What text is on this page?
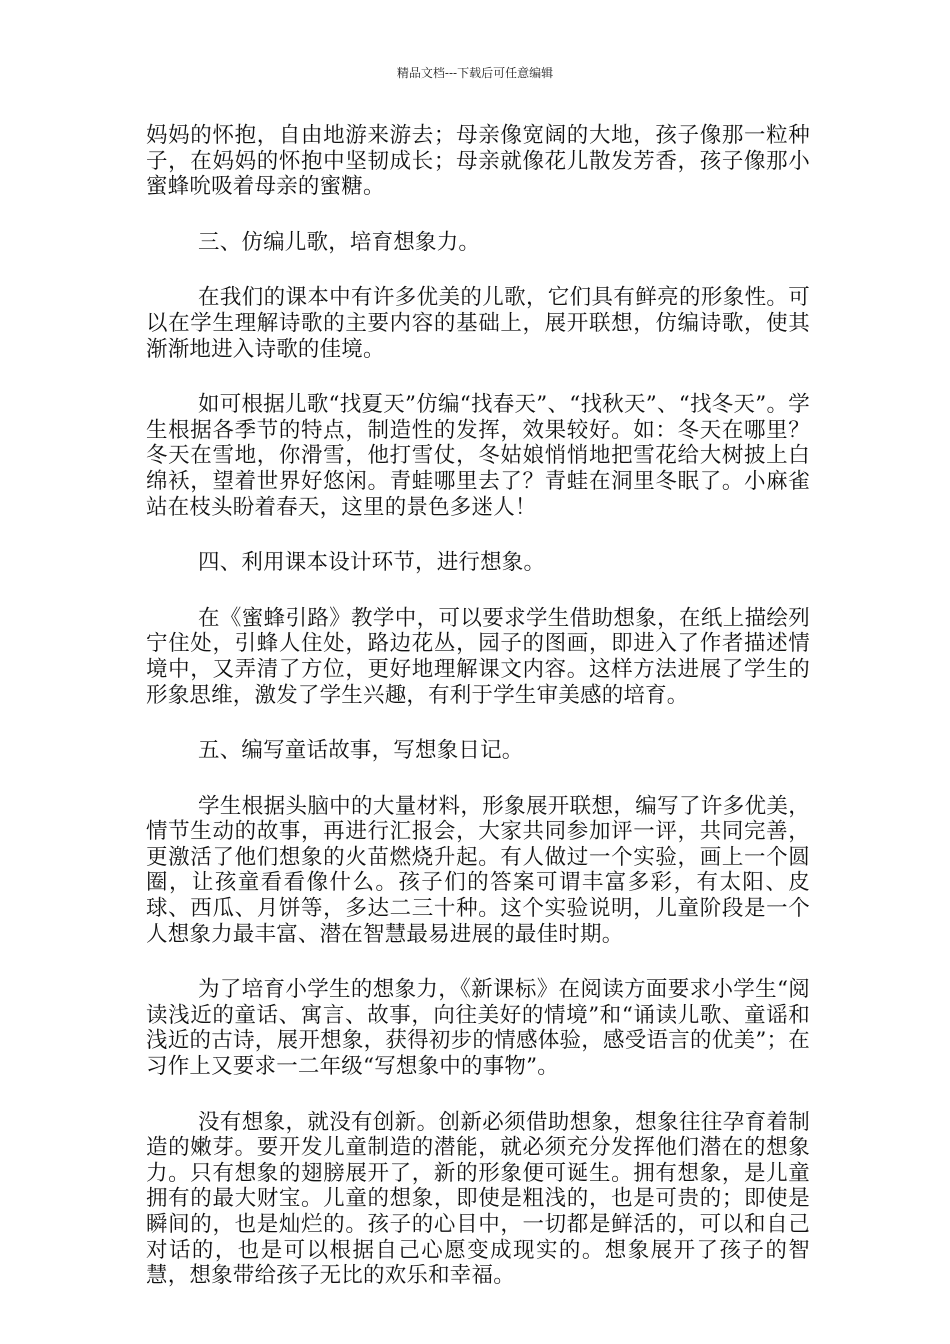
精品文档---下载后可任意编辑

妈妈的怀抱，自由地游来游去；母亲像宽阔的大地，孩子像那一粒种子，在妈妈的怀抱中坚韧成长；母亲就像花儿散发芳香，孩子像那小蜜蜂吮吸着母亲的蜜糖。

三、仿编儿歌，培育想象力。

在我们的课本中有许多优美的儿歌，它们具有鲜亮的形象性。可以在学生理解诗歌的主要内容的基础上，展开联想，仿编诗歌，使其渐渐地进入诗歌的佳境。

如可根据儿歌“找夏天”仿编“找春天”、“找秋天”、“找冬天”。学生根据各季节的特点，制造性的发挥，效果较好。如：冬天在哪里？冬天在雪地，你滑雪，他打雪仗，冬姑娘悄悄地把雪花给大树披上白绵袄，望着世界好悠闲。青蛙哪里去了？青蛙在洞里冬眠了。小麻雀站在枝头盼着春天，这里的景色多迷人！

四、利用课本设计环节，进行想象。

在《蜜蜂引路》教学中，可以要求学生借助想象，在纸上描绘列宁住处，引蜂人住处，路边花丛，园子的图画，即进入了作者描述情境中，又弄清了方位，更好地理解课文内容。这样方法进展了学生的形象思维，激发了学生兴趣，有利于学生审美感的培育。

五、编写童话故事，写想象日记。

学生根据头脑中的大量材料，形象展开联想，编写了许多优美，情节生动的故事，再进行汇报会，大家共同参加评一评，共同完善，更激活了他们想象的火苗燃烧升起。有人做过一个实验，画上一个圆圈，让孩童看看像什么。孩子们的答案可谓丰富多彩，有太阳、皮球、西瓜、月饼等，多达二三十种。这个实验说明，儿童阶段是一个人想象力最丰富、潜在智慧最易进展的最佳时期。

为了培育小学生的想象力，《新课标》在阅读方面要求小学生“阅读浅近的童话、寓言、故事，向往美好的情境”和“诵读儿歌、童谣和浅近的古诗，展开想象，获得初步的情感体验，感受语言的优美”；在习作上又要求一二年级“写想象中的事物”。

没有想象，就没有创新。创新必须借助想象，想象往往孕育着制造的嫩芽。要开发儿童制造的潜能，就必须充分发挥他们潜在的想象力。只有想象的翅膀展开了，新的形象便可诞生。拥有想象，是儿童拥有的最大财宝。儿童的想象，即使是粗浅的，也是可贵的；即使是瞬间的，也是灿烂的。孩子的心目中，一切都是鲜活的，可以和自己对话的，也是可以根据自己心愿变成现实的。想象展开了孩子的智慧，想象带给孩子无比的欢乐和幸福。
